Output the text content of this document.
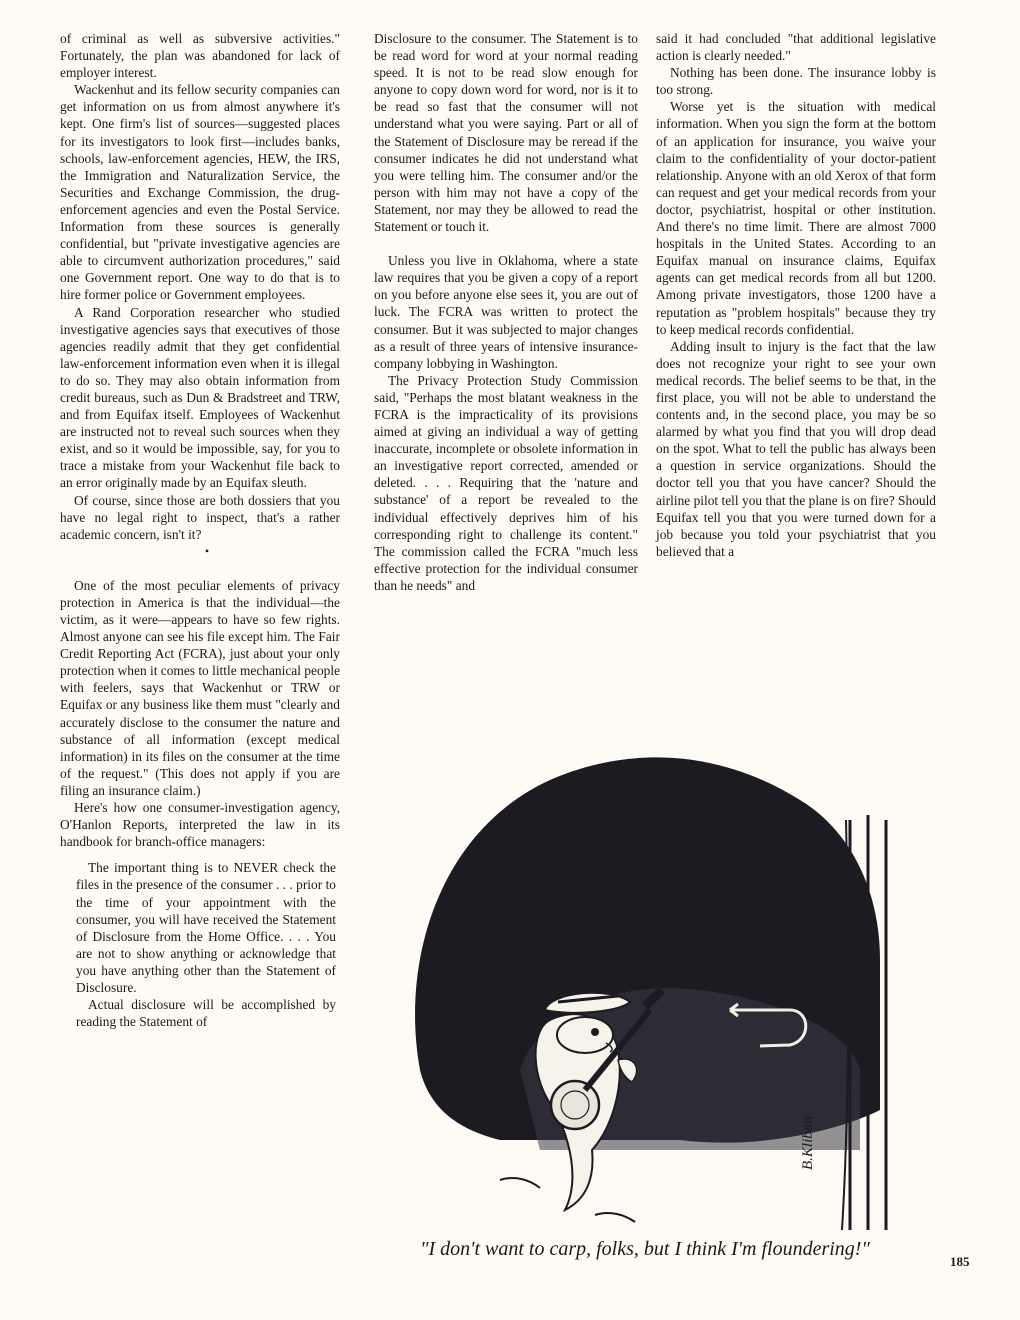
of criminal as well as subversive activities." Fortunately, the plan was abandoned for lack of employer interest.

Wackenhut and its fellow security companies can get information on us from almost anywhere it's kept. One firm's list of sources—suggested places for its investigators to look first—includes banks, schools, law-enforcement agencies, HEW, the IRS, the Immigration and Naturalization Service, the Securities and Exchange Commission, the drug-enforcement agencies and even the Postal Service. Information from these sources is generally confidential, but "private investigative agencies are able to circumvent authorization procedures," said one Government report. One way to do that is to hire former police or Government employees.

A Rand Corporation researcher who studied investigative agencies says that executives of those agencies readily admit that they get confidential law-enforcement information even when it is illegal to do so. They may also obtain information from credit bureaus, such as Dun & Bradstreet and TRW, and from Equifax itself. Employees of Wackenhut are instructed not to reveal such sources when they exist, and so it would be impossible, say, for you to trace a mistake from your Wackenhut file back to an error originally made by an Equifax sleuth.

Of course, since those are both dossiers that you have no legal right to inspect, that's a rather academic concern, isn't it?

•

One of the most peculiar elements of privacy protection in America is that the individual—the victim, as it were—appears to have so few rights. Almost anyone can see his file except him. The Fair Credit Reporting Act (FCRA), just about your only protection when it comes to little mechanical people with feelers, says that Wackenhut or TRW or Equifax or any business like them must "clearly and accurately disclose to the consumer the nature and substance of all information (except medical information) in its files on the consumer at the time of the request." (This does not apply if you are filing an insurance claim.)

Here's how one consumer-investigation agency, O'Hanlon Reports, interpreted the law in its handbook for branch-office managers:

The important thing is to NEVER check the files in the presence of the consumer . . . prior to the time of your appointment with the consumer, you will have received the Statement of Disclosure from the Home Office. . . . You are not to show anything or acknowledge that you have anything other than the Statement of Disclosure.

Actual disclosure will be accomplished by reading the Statement of

Disclosure to the consumer. The Statement is to be read word for word at your normal reading speed. It is not to be read slow enough for anyone to copy down word for word, nor is it to be read so fast that the consumer will not understand what you were saying. Part or all of the Statement of Disclosure may be reread if the consumer indicates he did not understand what you were telling him. The consumer and/or the person with him may not have a copy of the Statement, nor may they be allowed to read the Statement or touch it.

Unless you live in Oklahoma, where a state law requires that you be given a copy of a report on you before anyone else sees it, you are out of luck. The FCRA was written to protect the consumer. But it was subjected to major changes as a result of three years of intensive insurance-company lobbying in Washington.

The Privacy Protection Study Commission said, "Perhaps the most blatant weakness in the FCRA is the impracticality of its provisions aimed at giving an individual a way of getting inaccurate, incomplete or obsolete information in an investigative report corrected, amended or deleted. . . . Requiring that the 'nature and substance' of a report be revealed to the individual effectively deprives him of his corresponding right to challenge its content." The commission called the FCRA "much less effective protection for the individual consumer than he needs" and

said it had concluded "that additional legislative action is clearly needed."

Nothing has been done. The insurance lobby is too strong.

Worse yet is the situation with medical information. When you sign the form at the bottom of an application for insurance, you waive your claim to the confidentiality of your doctor-patient relationship. Anyone with an old Xerox of that form can request and get your medical records from your doctor, psychiatrist, hospital or other institution. And there's no time limit. There are almost 7000 hospitals in the United States. According to an Equifax manual on insurance claims, Equifax agents can get medical records from all but 1200. Among private investigators, those 1200 have a reputation as "problem hospitals" because they try to keep medical records confidential.

Adding insult to injury is the fact that the law does not recognize your right to see your own medical records. The belief seems to be that, in the first place, you will not be able to understand the contents and, in the second place, you may be so alarmed by what you find that you will drop dead on the spot. What to tell the public has always been a question in service organizations. Should the doctor tell you that you have cancer? Should the airline pilot tell you that the plane is on fire? Should Equifax tell you that you were turned down for a job because you told your psychiatrist that you believed that a

B.Kliban
"I don't want to carp, folks, but I think I'm floundering!"
185
